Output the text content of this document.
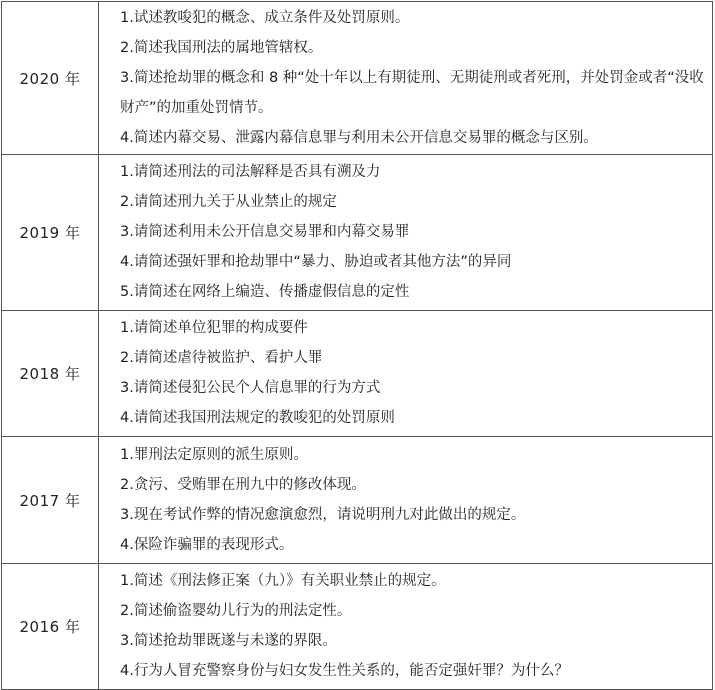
2020 年	1.试述教唆犯的概念、成立条件及处罚原则。
2.简述我国刑法的属地管辖权。
3.简述抢劫罪的概念和 8 种“处十年以上有期徒刑、无期徒刑或者死刑，并处罚金或者“没收财产”的加重处罚情节。
4.简述内幕交易、泄露内幕信息罪与利用未公开信息交易罪的概念与区别。

2019 年	1.请简述刑法的司法解释是否具有溯及力
2.请简述刑九关于从业禁止的规定
3.请简述利用未公开信息交易罪和内幕交易罪
4.请简述强奸罪和抢劫罪中“暴力、胁迫或者其他方法”的异同
5.请简述在网络上编造、传播虚假信息的定性

2018 年	1.请简述单位犯罪的构成要件
2.请简述虐待被监护、看护人罪
3.请简述侵犯公民个人信息罪的行为方式
4.请简述我国刑法规定的教唆犯的处罚原则

2017 年	1.罪刑法定原则的派生原则。
2.贪污、受贿罪在刑九中的修改体现。
3.现在考试作弊的情况愈演愈烈，请说明刑九对此做出的规定。
4.保险诈骗罪的表现形式。

2016 年	1.简述《刑法修正案（九）》有关职业禁止的规定。
2.简述偷盗婴幼儿行为的刑法定性。
3.简述抢劫罪既遂与未遂的界限。
4.行为人冒充警察身份与妇女发生性关系的，能否定强奸罪？为什么？
